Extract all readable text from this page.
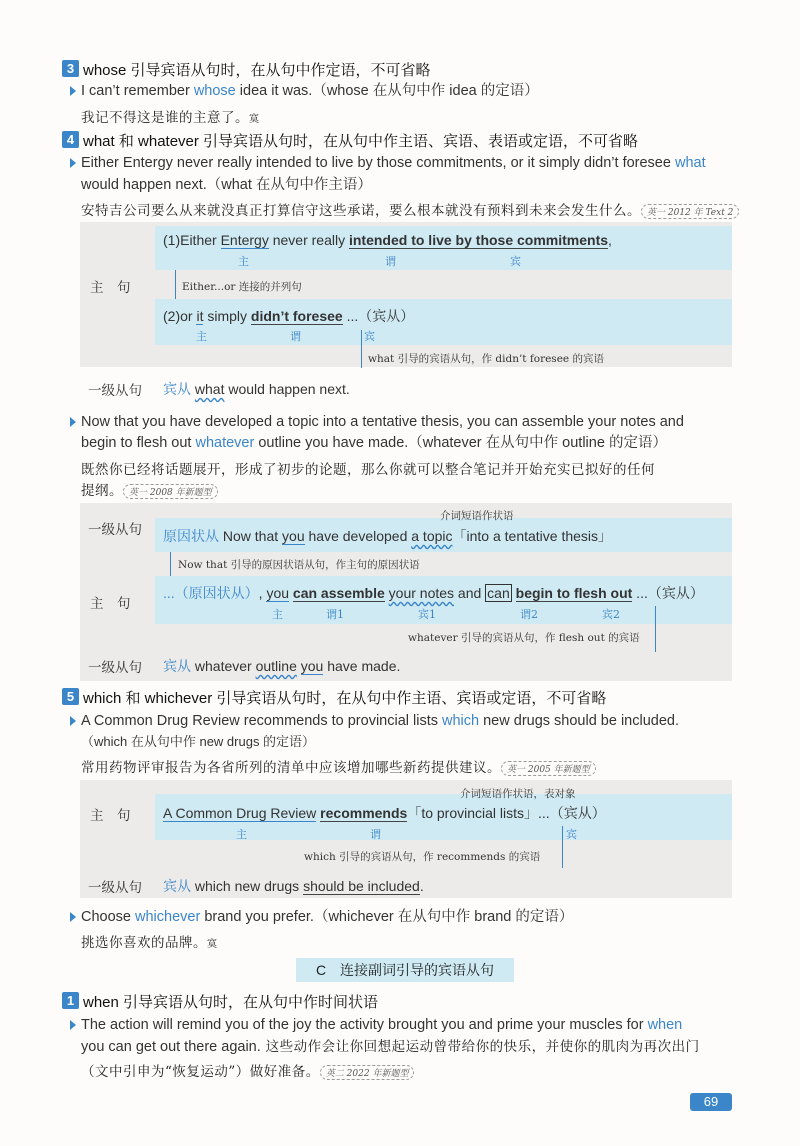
3 whose 引导宾语从句时，在从句中作定语，不可省略
I can’t remember whose idea it was.（whose 在从句中作 idea 的定语）
我记不得这是谁的主意了。寞
4 what 和 whatever 引导宾语从句时，在从句中作主语、宾语、表语或定语，不可省略
Either Entergy never really intended to live by those commitments, or it simply didn’t foresee what
would happen next.（what 在从句中作主语）
安特吉公司要么从来就没真正打算信守这些承诺，要么根本就没有预料到未来会发生什么。 英一 2012 年 Text 2
主　句
(1)Either Entergy never really intended to live by those commitments,
主	谓	宾
Either...or 连接的并列句
(2)or it simply didn’t foresee ...（宾从）
主	谓	宾
what 引导的宾语从句，作 didn’t foresee 的宾语
一级从句 宾从 what would happen next.
Now that you have developed a topic into a tentative thesis, you can assemble your notes and
begin to flesh out whatever outline you have made.（whatever 在从句中作 outline 的定语）
既然你已经将话题展开，形成了初步的论题，那么你就可以整合笔记并开始充实已拟好的任何
提纲。 英一 2008 年新题型
一级从句
介词短语作状语
原因状从 Now that you have developed a topic「into a tentative thesis」
Now that 引导的原因状语从句，作主句的原因状语
主　句
...（原因状从）, you can assemble your notes and can begin to flesh out ...（宾从）
主	谓1	宾1	谓2	宾2
whatever 引导的宾语从句，作 flesh out 的宾语
一级从句 宾从 whatever outline you have made.
5 which 和 whichever 引导宾语从句时，在从句中作主语、宾语或定语，不可省略
A Common Drug Review recommends to provincial lists which new drugs should be included.
（which 在从句中作 new drugs 的定语）
常用药物评审报告为各省所列的清单中应该增加哪些新药提供建议。 英一 2005 年新题型
主　句
介词短语作状语，表对象
A Common Drug Review recommends「to provincial lists」...（宾从）
主	谓	宾
which 引导的宾语从句，作 recommends 的宾语
一级从句 宾从 which new drugs should be included.
Choose whichever brand you prefer.（whichever 在从句中作 brand 的定语）
挑选你喜欢的品牌。寞
C　连接副词引导的宾语从句
1 when 引导宾语从句时，在从句中作时间状语
The action will remind you of the joy the activity brought you and prime your muscles for when
you can get out there again. 这些动作会让你回想起运动曾带给你的快乐，并使你的肌肉为再次出门
（文中引申为“恢复运动”）做好准备。 英二 2022 年新题型
69
